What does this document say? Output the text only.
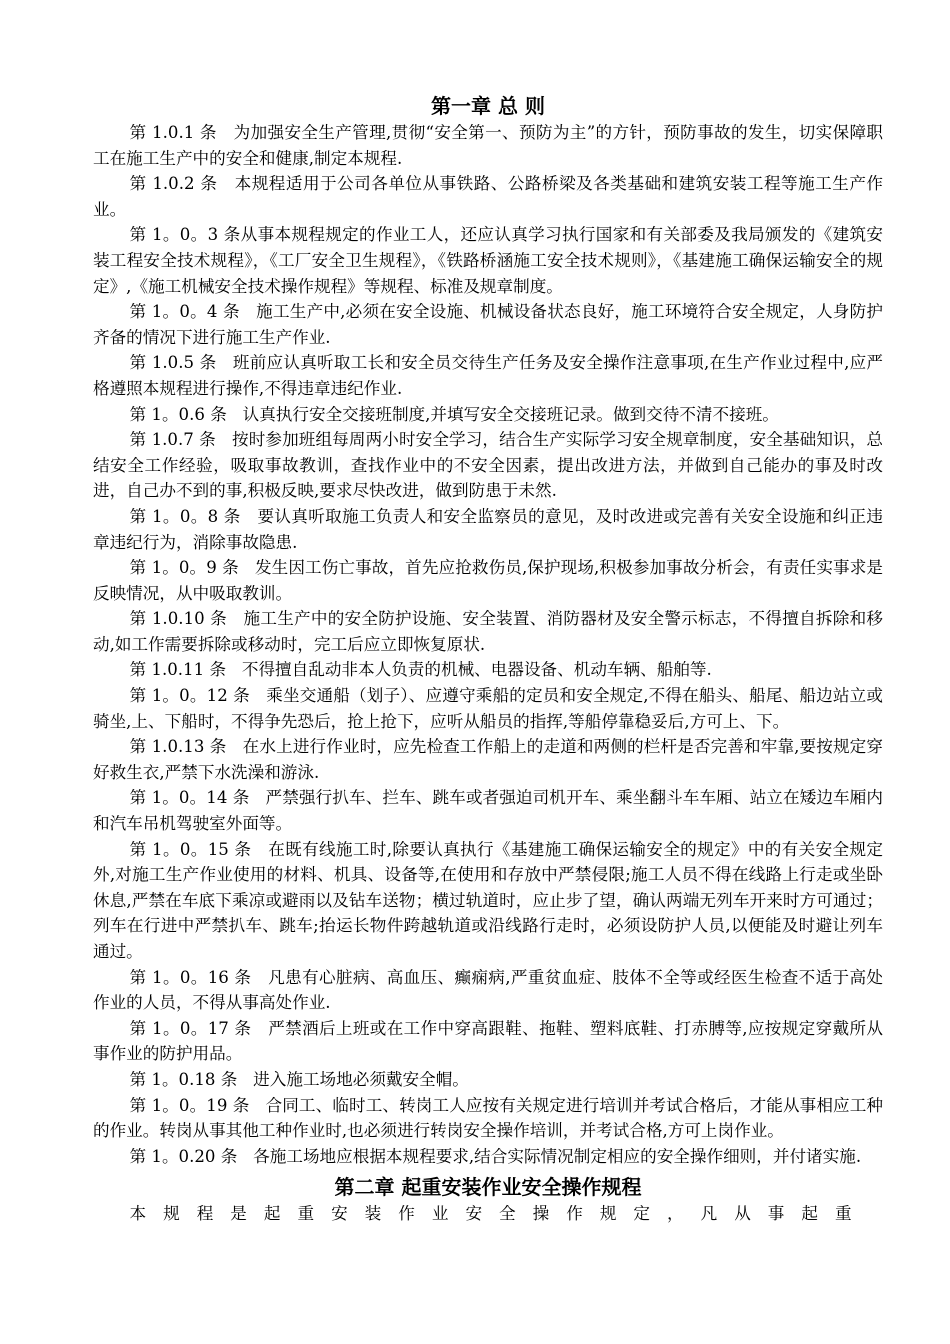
第一章 总 则

第 1.0.1 条   为加强安全生产管理,贯彻“安全第一、预防为主”的方针，预防事故的发生，切实保障职工在施工生产中的安全和健康,制定本规程.

第 1.0.2 条   本规程适用于公司各单位从事铁路、公路桥梁及各类基础和建筑安装工程等施工生产作业。

第 1。0。3 条从事本规程规定的作业工人，还应认真学习执行国家和有关部委及我局颁发的《建筑安装工程安全技术规程》，《工厂安全卫生规程》，《铁路桥涵施工安全技术规则》，《基建施工确保运输安全的规定》,《施工机械安全技术操作规程》等规程、标准及规章制度。

第 1。0。4 条   施工生产中,必须在安全设施、机械设备状态良好，施工环境符合安全规定，人身防护齐备的情况下进行施工生产作业.

第 1.0.5 条   班前应认真听取工长和安全员交待生产任务及安全操作注意事项,在生产作业过程中,应严格遵照本规程进行操作,不得违章违纪作业.

第 1。0.6 条   认真执行安全交接班制度,并填写安全交接班记录。做到交待不清不接班。

第 1.0.7 条   按时参加班组每周两小时安全学习，结合生产实际学习安全规章制度，安全基础知识，总结安全工作经验，吸取事故教训，查找作业中的不安全因素，提出改进方法，并做到自己能办的事及时改进，自己办不到的事,积极反映,要求尽快改进，做到防患于未然.

第 1。0。8 条   要认真听取施工负责人和安全监察员的意见，及时改进或完善有关安全设施和纠正违章违纪行为，消除事故隐患.

第 1。0。9 条   发生因工伤亡事故，首先应抢救伤员,保护现场,积极参加事故分析会，有责任实事求是反映情况，从中吸取教训。

第 1.0.10 条   施工生产中的安全防护设施、安全装置、消防器材及安全警示标志，不得擅自拆除和移动,如工作需要拆除或移动时，完工后应立即恢复原状.

第 1.0.11 条   不得擅自乱动非本人负责的机械、电器设备、机动车辆、船舶等.

第 1。0。12 条   乘坐交通船（划子）、应遵守乘船的定员和安全规定,不得在船头、船尾、船边站立或骑坐,上、下船时，不得争先恐后，抢上抢下，应听从船员的指挥,等船停靠稳妥后,方可上、下。

第 1.0.13 条   在水上进行作业时，应先检查工作船上的走道和两侧的栏杆是否完善和牢靠,要按规定穿好救生衣,严禁下水洗澡和游泳.

第 1。0。14 条   严禁强行扒车、拦车、跳车或者强迫司机开车、乘坐翻斗车车厢、站立在矮边车厢内和汽车吊机驾驶室外面等。

第 1。0。15 条   在既有线施工时,除要认真执行《基建施工确保运输安全的规定》中的有关安全规定外,对施工生产作业使用的材料、机具、设备等,在使用和存放中严禁侵限;施工人员不得在线路上行走或坐卧休息,严禁在车底下乘凉或避雨以及钻车送物；横过轨道时，应止步了望，确认两端无列车开来时方可通过；列车在行进中严禁扒车、跳车;抬运长物件跨越轨道或沿线路行走时，必须设防护人员,以便能及时避让列车通过。

第 1。0。16 条   凡患有心脏病、高血压、癫痫病,严重贫血症、肢体不全等或经医生检查不适于高处作业的人员，不得从事高处作业.

第 1。0。17 条   严禁酒后上班或在工作中穿高跟鞋、拖鞋、塑料底鞋、打赤膊等,应按规定穿戴所从事作业的防护用品。

第 1。0.18 条   进入施工场地必须戴安全帽。

第 1。0。19 条   合同工、临时工、转岗工人应按有关规定进行培训并考试合格后，才能从事相应工种的作业。转岗从事其他工种作业时,也必须进行转岗安全操作培训，并考试合格,方可上岗作业。

第 1。0.20 条   各施工场地应根据本规程要求,结合实际情况制定相应的安全操作细则，并付诸实施.

第二章 起重安装作业安全操作规程

本规程是起重安装作业安全操作规定，凡从事起重
